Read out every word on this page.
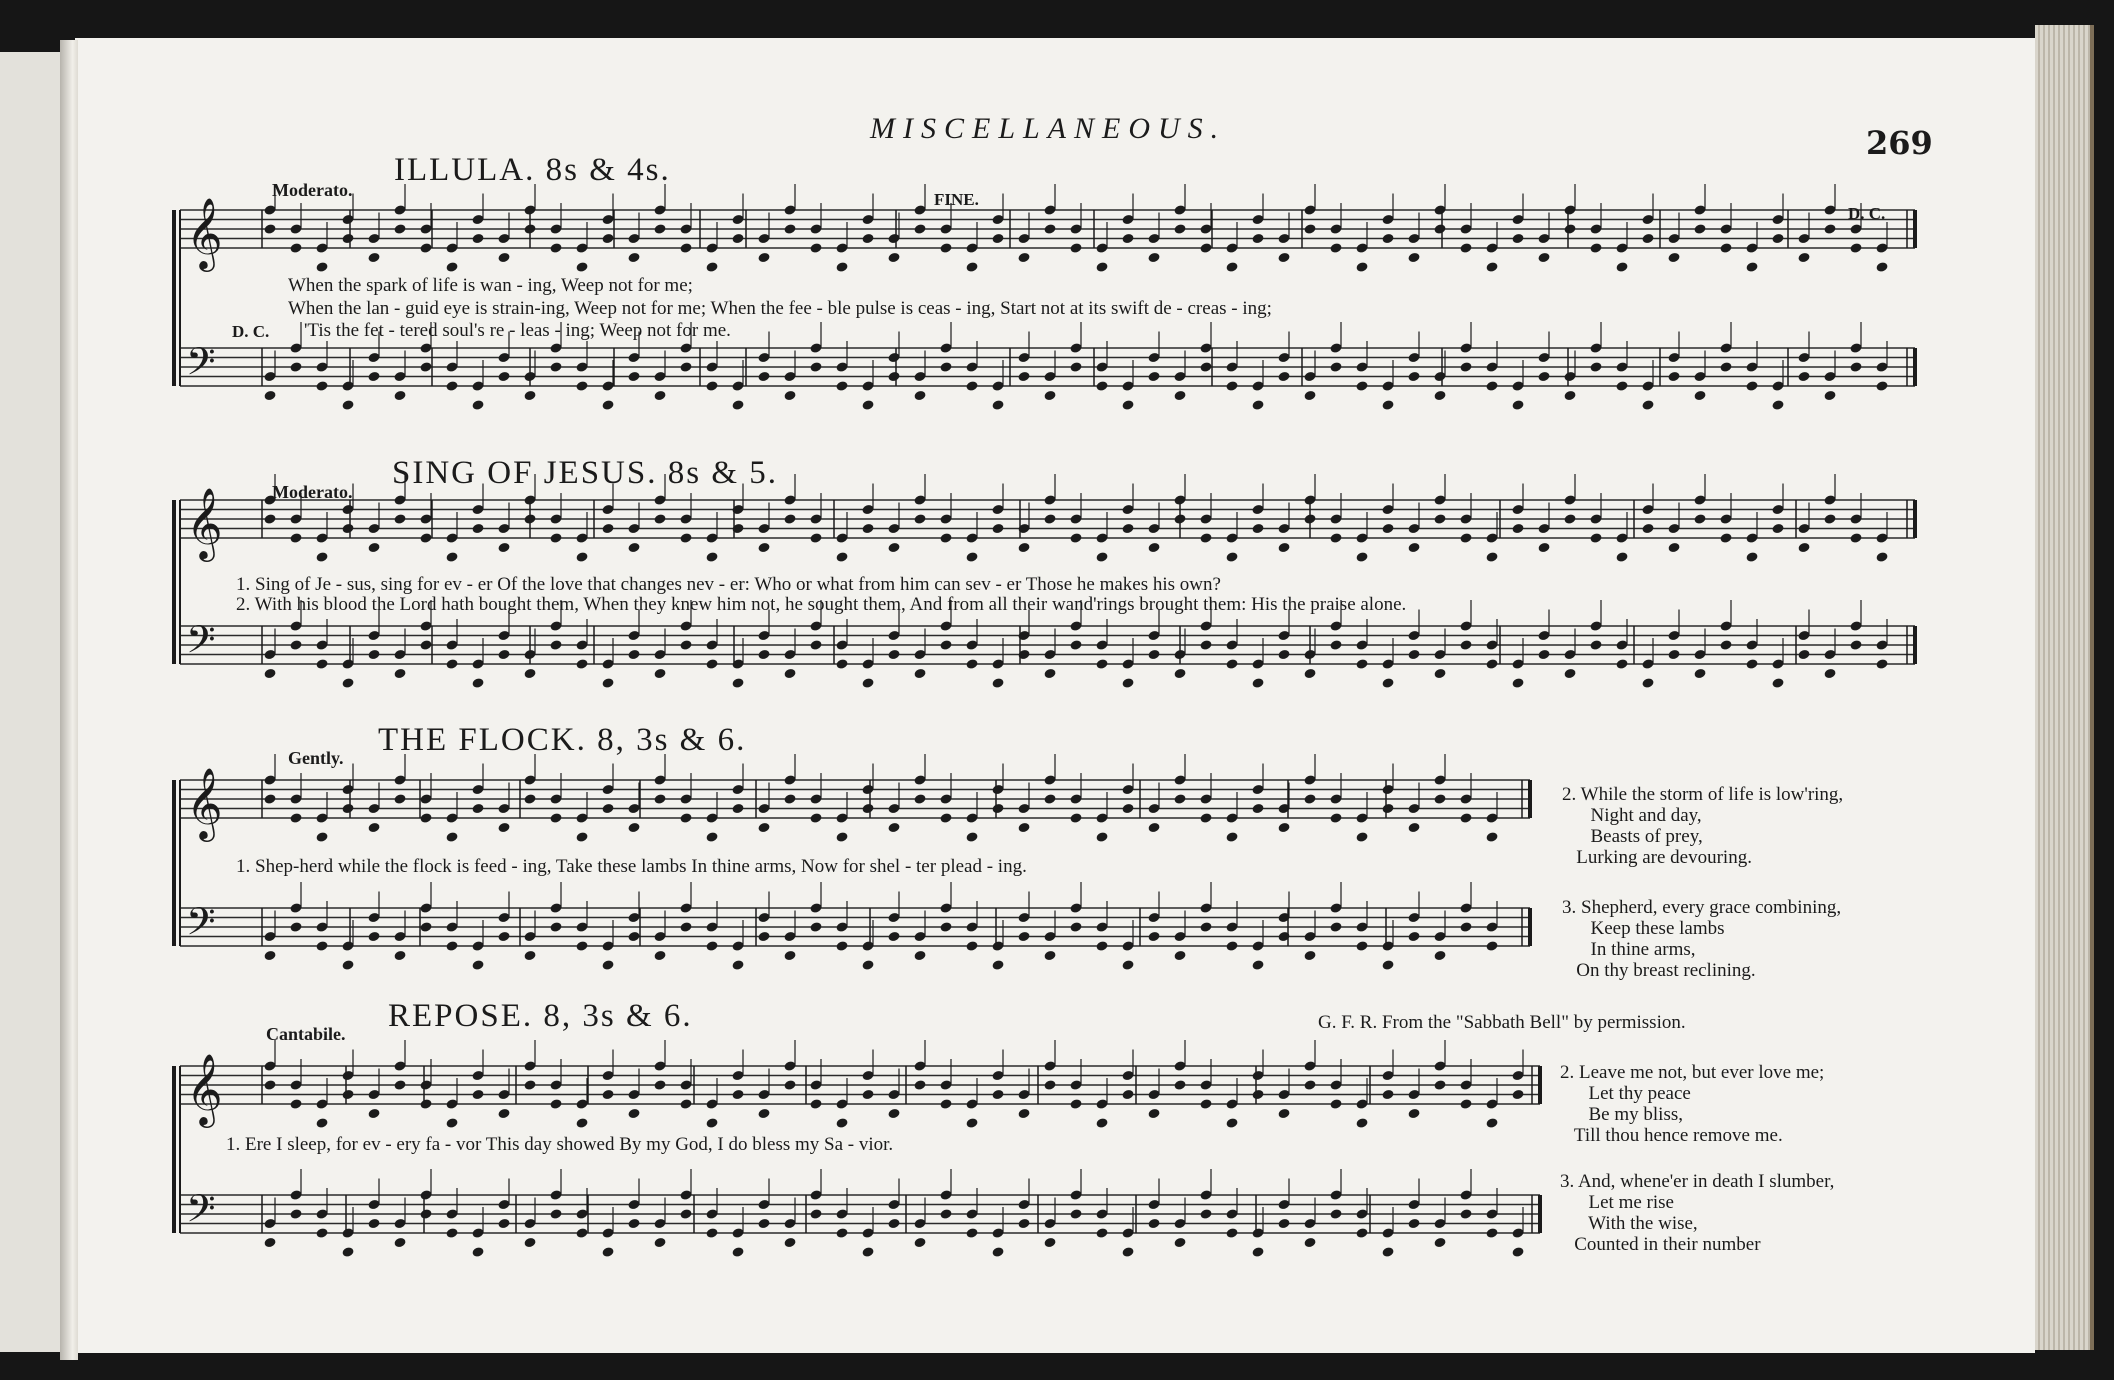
𝄞
𝄢
𝄞
𝄢
𝄞
𝄢
𝄞
𝄢
MISCELLANEOUS.	269
ILLULA. 8s & 4s.
Moderato.	FINE.
D. C.
When the spark of life is wan - ing, Weep not for me;
When the lan - guid eye is strain-ing, Weep not for me; When the fee - ble pulse is ceas - ing, Start not at its swift de - creas - ing;
D. C. 'Tis the fet - tered soul's re - leas - ing; Weep not for me.
SING OF JESUS. 8s & 5.
Moderato.
1. Sing of Je - sus, sing for ev - er Of the love that changes nev - er: Who or what from him can sev - er Those he makes his own?
2. With his blood the Lord hath bought them, When they knew him not, he sought them, And from all their wand'rings brought them: His the praise alone.
THE FLOCK. 8, 3s & 6.
Gently.
1. Shep-herd while the flock is feed - ing, Take these lambs In thine arms, Now for shel - ter plead - ing.
2. While the storm of life is low'ring,
Night and day,
Beasts of prey,
Lurking are devouring.
3. Shepherd, every grace combining,
Keep these lambs
In thine arms,
On thy breast reclining.
REPOSE. 8, 3s & 6.
Cantabile.
G. F. R. From the "Sabbath Bell" by permission.
1. Ere I sleep, for ev - ery fa - vor This day showed By my God, I do bless my Sa - vior.
2. Leave me not, but ever love me;
Let thy peace
Be my bliss,
Till thou hence remove me.
3. And, whene'er in death I slumber,
Let me rise
With the wise,
Counted in their number
